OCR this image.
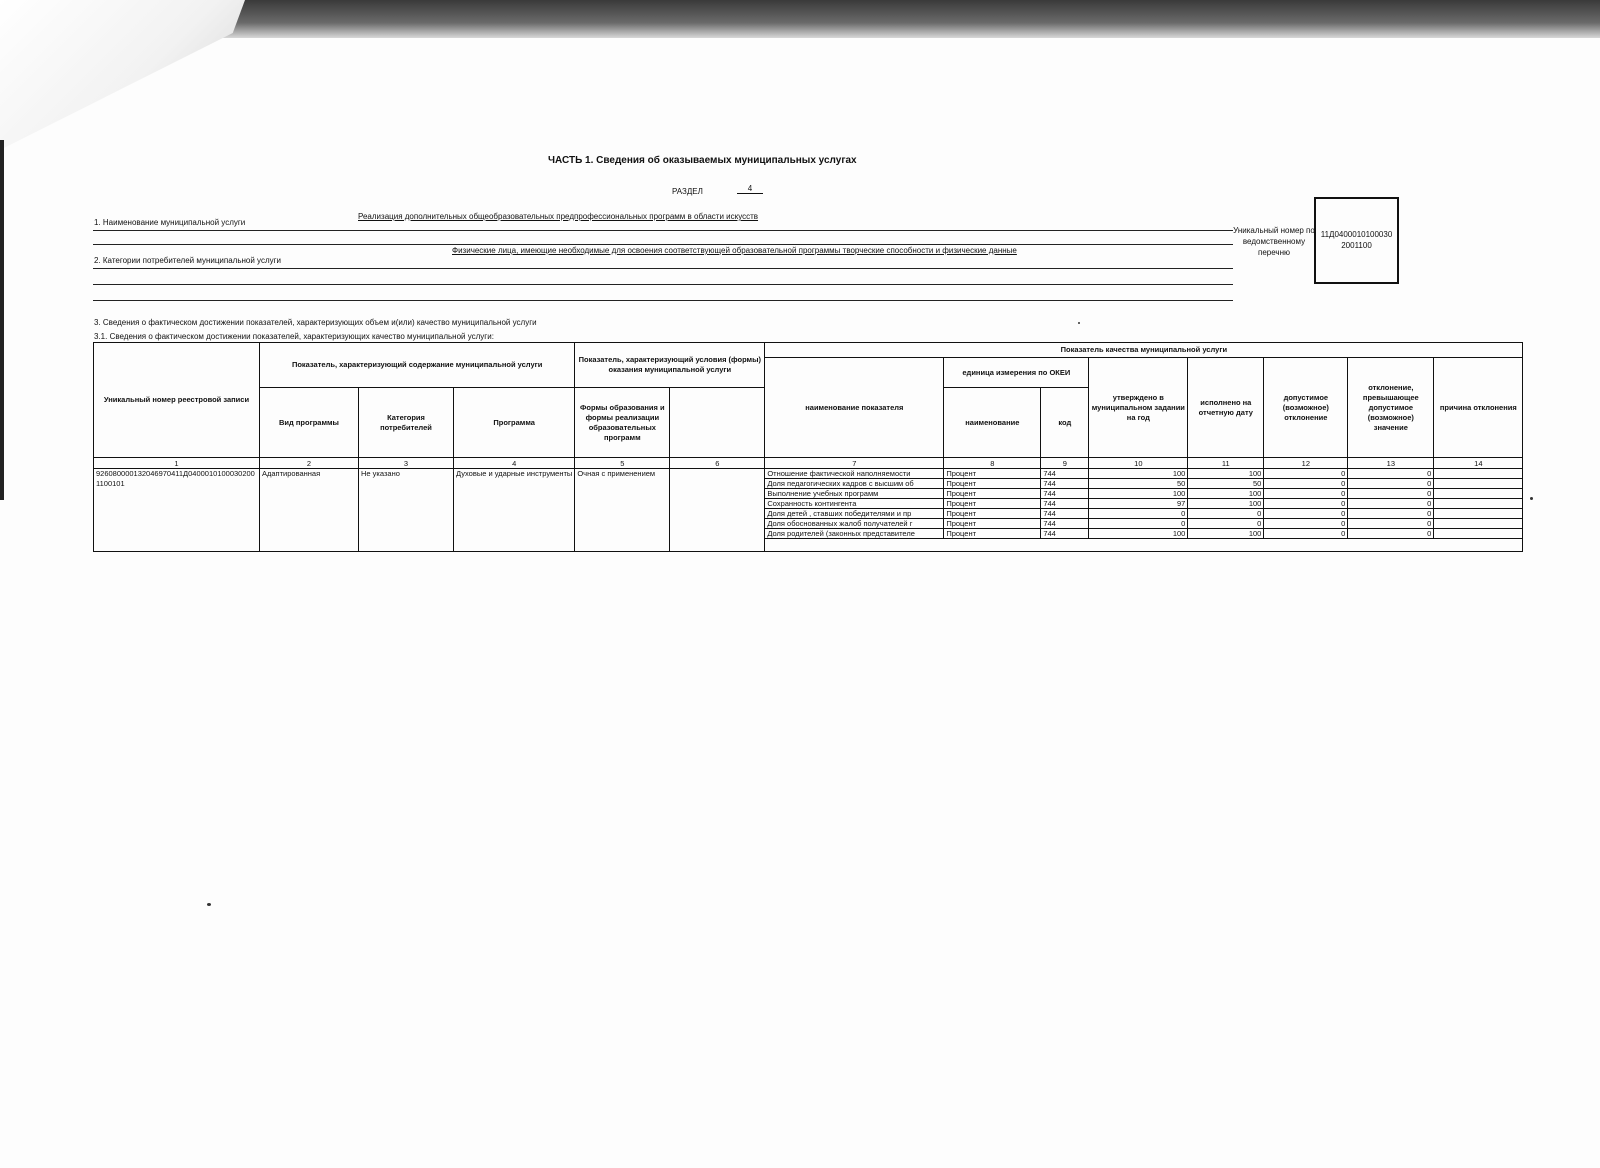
ЧАСТЬ 1. Сведения об оказываемых муниципальных услугах
РАЗДЕЛ	4
1. Наименование муниципальной услуги
Реализация дополнительных общеобразовательных предпрофессиональных программ в области искусств
2. Категории потребителей муниципальной услуги
Физические лица, имеющие необходимые для освоения соответствующей образовательной программы творческие способности и физические данные
Уникальный номер по ведомственному перечню
11Д0400010100030 2001100
3. Сведения о фактическом достижении показателей, характеризующих объем и(или) качество муниципальной услуги
3.1. Сведения о фактическом достижении показателей, характеризующих качество муниципальной услуги:
Уникальный номер реестровой записи	Показатель, характеризующий содержание муниципальной услуги			Показатель, характеризующий условия (формы) оказания муниципальной услуги		Показатель качества муниципальной услуги							
						наименование показателя	единица измерения по ОКЕИ		утверждено в муниципальном задании на год	исполнено на отчетную дату	допустимое (возможное) отклонение	отклонение, превышающее допустимое (возможное) значение	причина отклонения
	Вид программы	Категория потребителей	Программа	Формы образования и формы реализации образовательных программ			наименование	код					
1	2	3	4	5	6	7	8	9	10	11	12	13	14
926080000132046970411Д04000101000302001100101	Адаптированная	Не указано	Духовые и ударные инструменты	Очная с применением		Отношение фактической наполняемости	Процент	744	100	100	0	0	
						Доля педагогических кадров с высшим об	Процент	744	50	50	0	0	
						Выполнение учебных программ	Процент	744	100	100	0	0	
						Сохранность контингента	Процент	744	97	100	0	0	
						Доля детей , ставших победителями и пр	Процент	744	0	0	0	0	
						Доля обоснованных жалоб получателей г	Процент	744	0	0	0	0	
						Доля родителей (законных представителе	Процент	744	100	100	0	0	
